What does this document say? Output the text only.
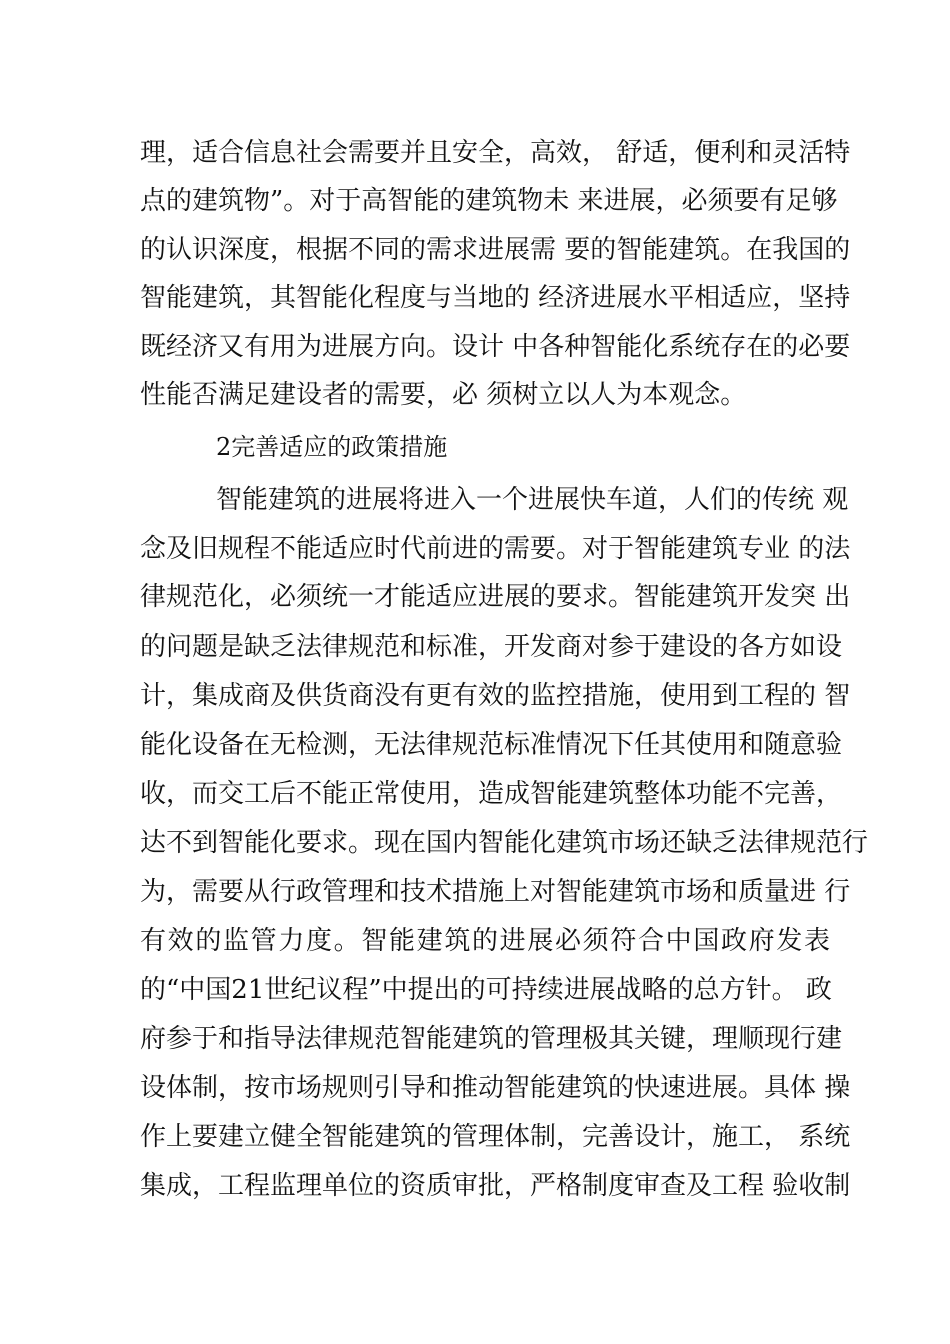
理，适合信息社会需要并且安全，高效， 舒适，便利和灵活特
点的建筑物”。对于高智能的建筑物未 来进展，必须要有足够
的认识深度，根据不同的需求进展需 要的智能建筑。在我国的
智能建筑，其智能化程度与当地的 经济进展水平相适应，坚持
既经济又有用为进展方向。设计 中各种智能化系统存在的必要
性能否满足建设者的需要，必 须树立以人为本观念。
2完善适应的政策措施
智能建筑的进展将进入一个进展快车道，人们的传统 观
念及旧规程不能适应时代前进的需要。对于智能建筑专业 的法
律规范化，必须统一才能适应进展的要求。智能建筑开发突 出
的问题是缺乏法律规范和标准，开发商对参于建设的各方如设
计，集成商及供货商没有更有效的监控措施，使用到工程的 智
能化设备在无检测，无法律规范标准情况下任其使用和随意验
收，而交工后不能正常使用，造成智能建筑整体功能不完善，
达不到智能化要求。现在国内智能化建筑市场还缺乏法律规范行
为，需要从行政管理和技术措施上对智能建筑市场和质量进 行
有效的监管力度。智能建筑的进展必须符合中国政府发表
的“中国21世纪议程”中提出的可持续进展战略的总方针。 政
府参于和指导法律规范智能建筑的管理极其关键，理顺现行建
设体制，按市场规则引导和推动智能建筑的快速进展。具体 操
作上要建立健全智能建筑的管理体制，完善设计，施工， 系统
集成，工程监理单位的资质审批，严格制度审查及工程 验收制
